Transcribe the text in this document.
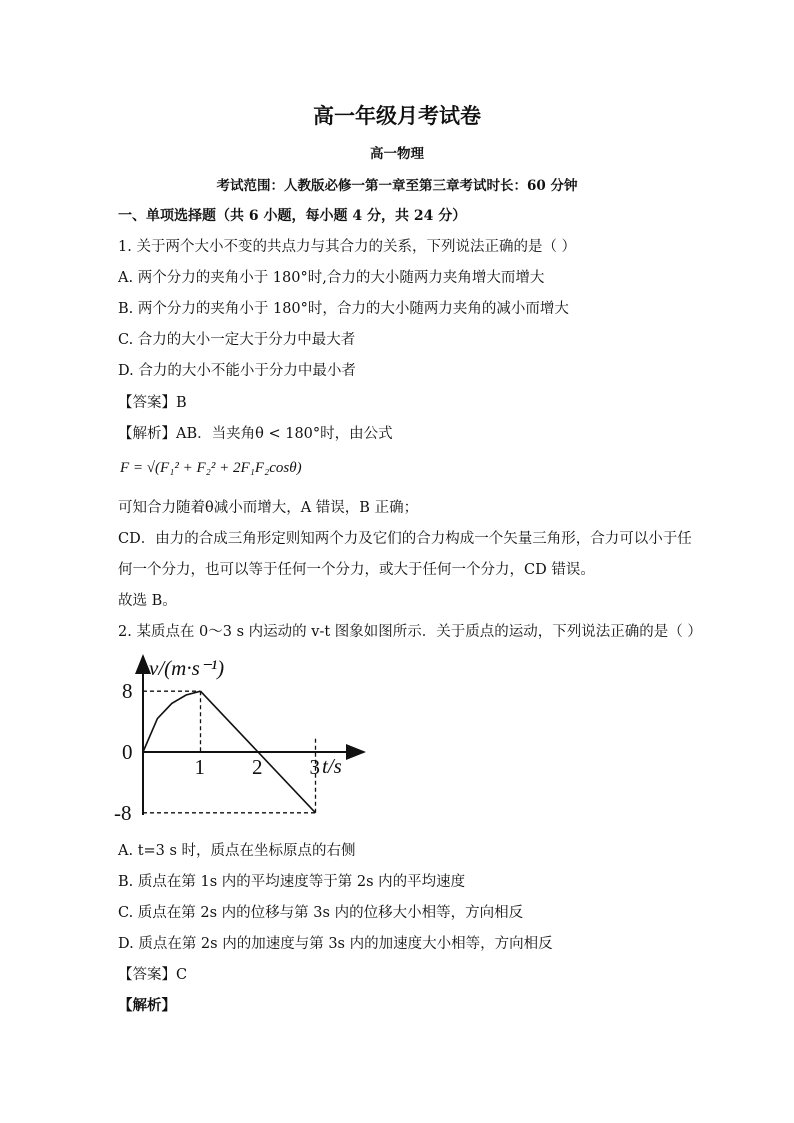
高一年级月考试卷
高一物理
考试范围：人教版必修一第一章至第三章考试时长：60 分钟
一、单项选择题（共 6 小题，每小题 4 分，共 24 分）
1. 关于两个大小不变的共点力与其合力的关系，下列说法正确的是（ ）
A. 两个分力的夹角小于 180°时,合力的大小随两力夹角增大而增大
B. 两个分力的夹角小于 180°时，合力的大小随两力夹角的减小而增大
C. 合力的大小一定大于分力中最大者
D. 合力的大小不能小于分力中最小者
【答案】B
【解析】AB．当夹角θ < 180°时，由公式
F = √(F₁² + F₂² + 2F₁F₂cosθ)
可知合力随着θ减小而增大，A 错误，B 正确；
CD．由力的合成三角形定则知两个力及它们的合力构成一个矢量三角形，合力可以小于任
何一个分力，也可以等于任何一个分力，或大于任何一个分力，CD 错误。
故选 B。
2. 某质点在 0～3 s 内运动的 v-t 图象如图所示．关于质点的运动，下列说法正确的是（ ）
v/(m·s⁻¹)
t/s
1 2 3
8
0
-8
A. t=3 s 时，质点在坐标原点的右侧
B. 质点在第 1s 内的平均速度等于第 2s 内的平均速度
C. 质点在第 2s 内的位移与第 3s 内的位移大小相等，方向相反
D. 质点在第 2s 内的加速度与第 3s 内的加速度大小相等，方向相反
【答案】C
【解析】
